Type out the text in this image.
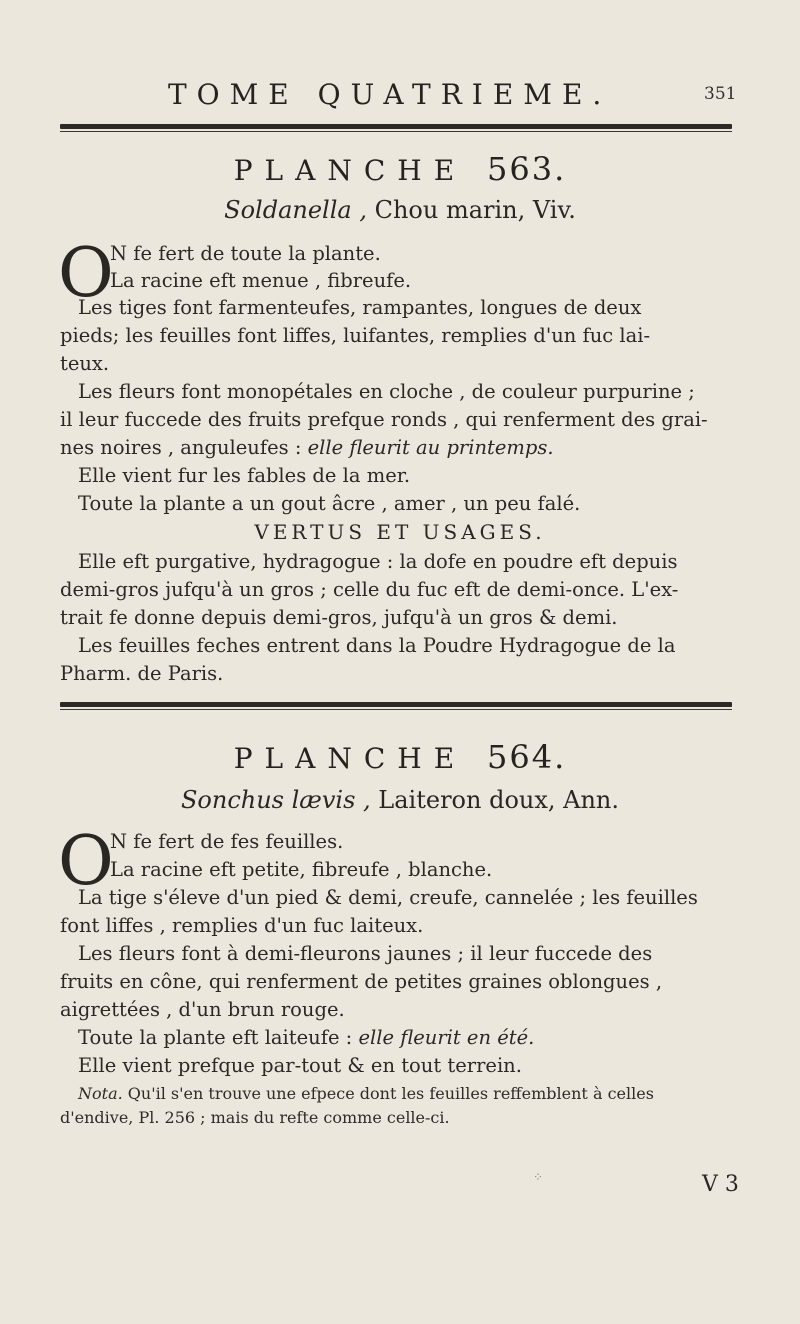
TOME QUATRIEME.	351
PLANCHE 563.
Soldanella , Chou marin, Viv.
O
N fe fert de toute la plante.
La racine eft menue , fibreufe.
Les tiges font farmenteufes, rampantes, longues de deux
pieds; les feuilles font liffes, luifantes, remplies d'un fuc lai-
teux.
Les fleurs font monopétales en cloche , de couleur purpurine ;
il leur fuccede des fruits prefque ronds , qui renferment des grai-
nes noires , anguleufes : elle fleurit au printemps.
Elle vient fur les fables de la mer.
Toute la plante a un gout âcre , amer , un peu falé.
VERTUS ET USAGES.
Elle eft purgative, hydragogue : la dofe en poudre eft depuis
demi-gros jufqu'à un gros ; celle du fuc eft de demi-once. L'ex-
trait fe donne depuis demi-gros, jufqu'à un gros & demi.
Les feuilles feches entrent dans la Poudre Hydragogue de la
Pharm. de Paris.
PLANCHE 564.
Sonchus lævis , Laiteron doux, Ann.
O
N fe fert de fes feuilles.
La racine eft petite, fibreufe , blanche.
La tige s'éleve d'un pied & demi, creufe, cannelée ; les feuilles
font liffes , remplies d'un fuc laiteux.
Les fleurs font à demi-fleurons jaunes ; il leur fuccede des
fruits en cône, qui renferment de petites graines oblongues ,
aigrettées , d'un brun rouge.
Toute la plante eft laiteufe : elle fleurit en été.
Elle vient prefque par-tout & en tout terrein.
Nota. Qu'il s'en trouve une efpece dont les feuilles reffemblent à celles
d'endive, Pl. 256 ; mais du refte comme celle-ci.
⁘	V 3
